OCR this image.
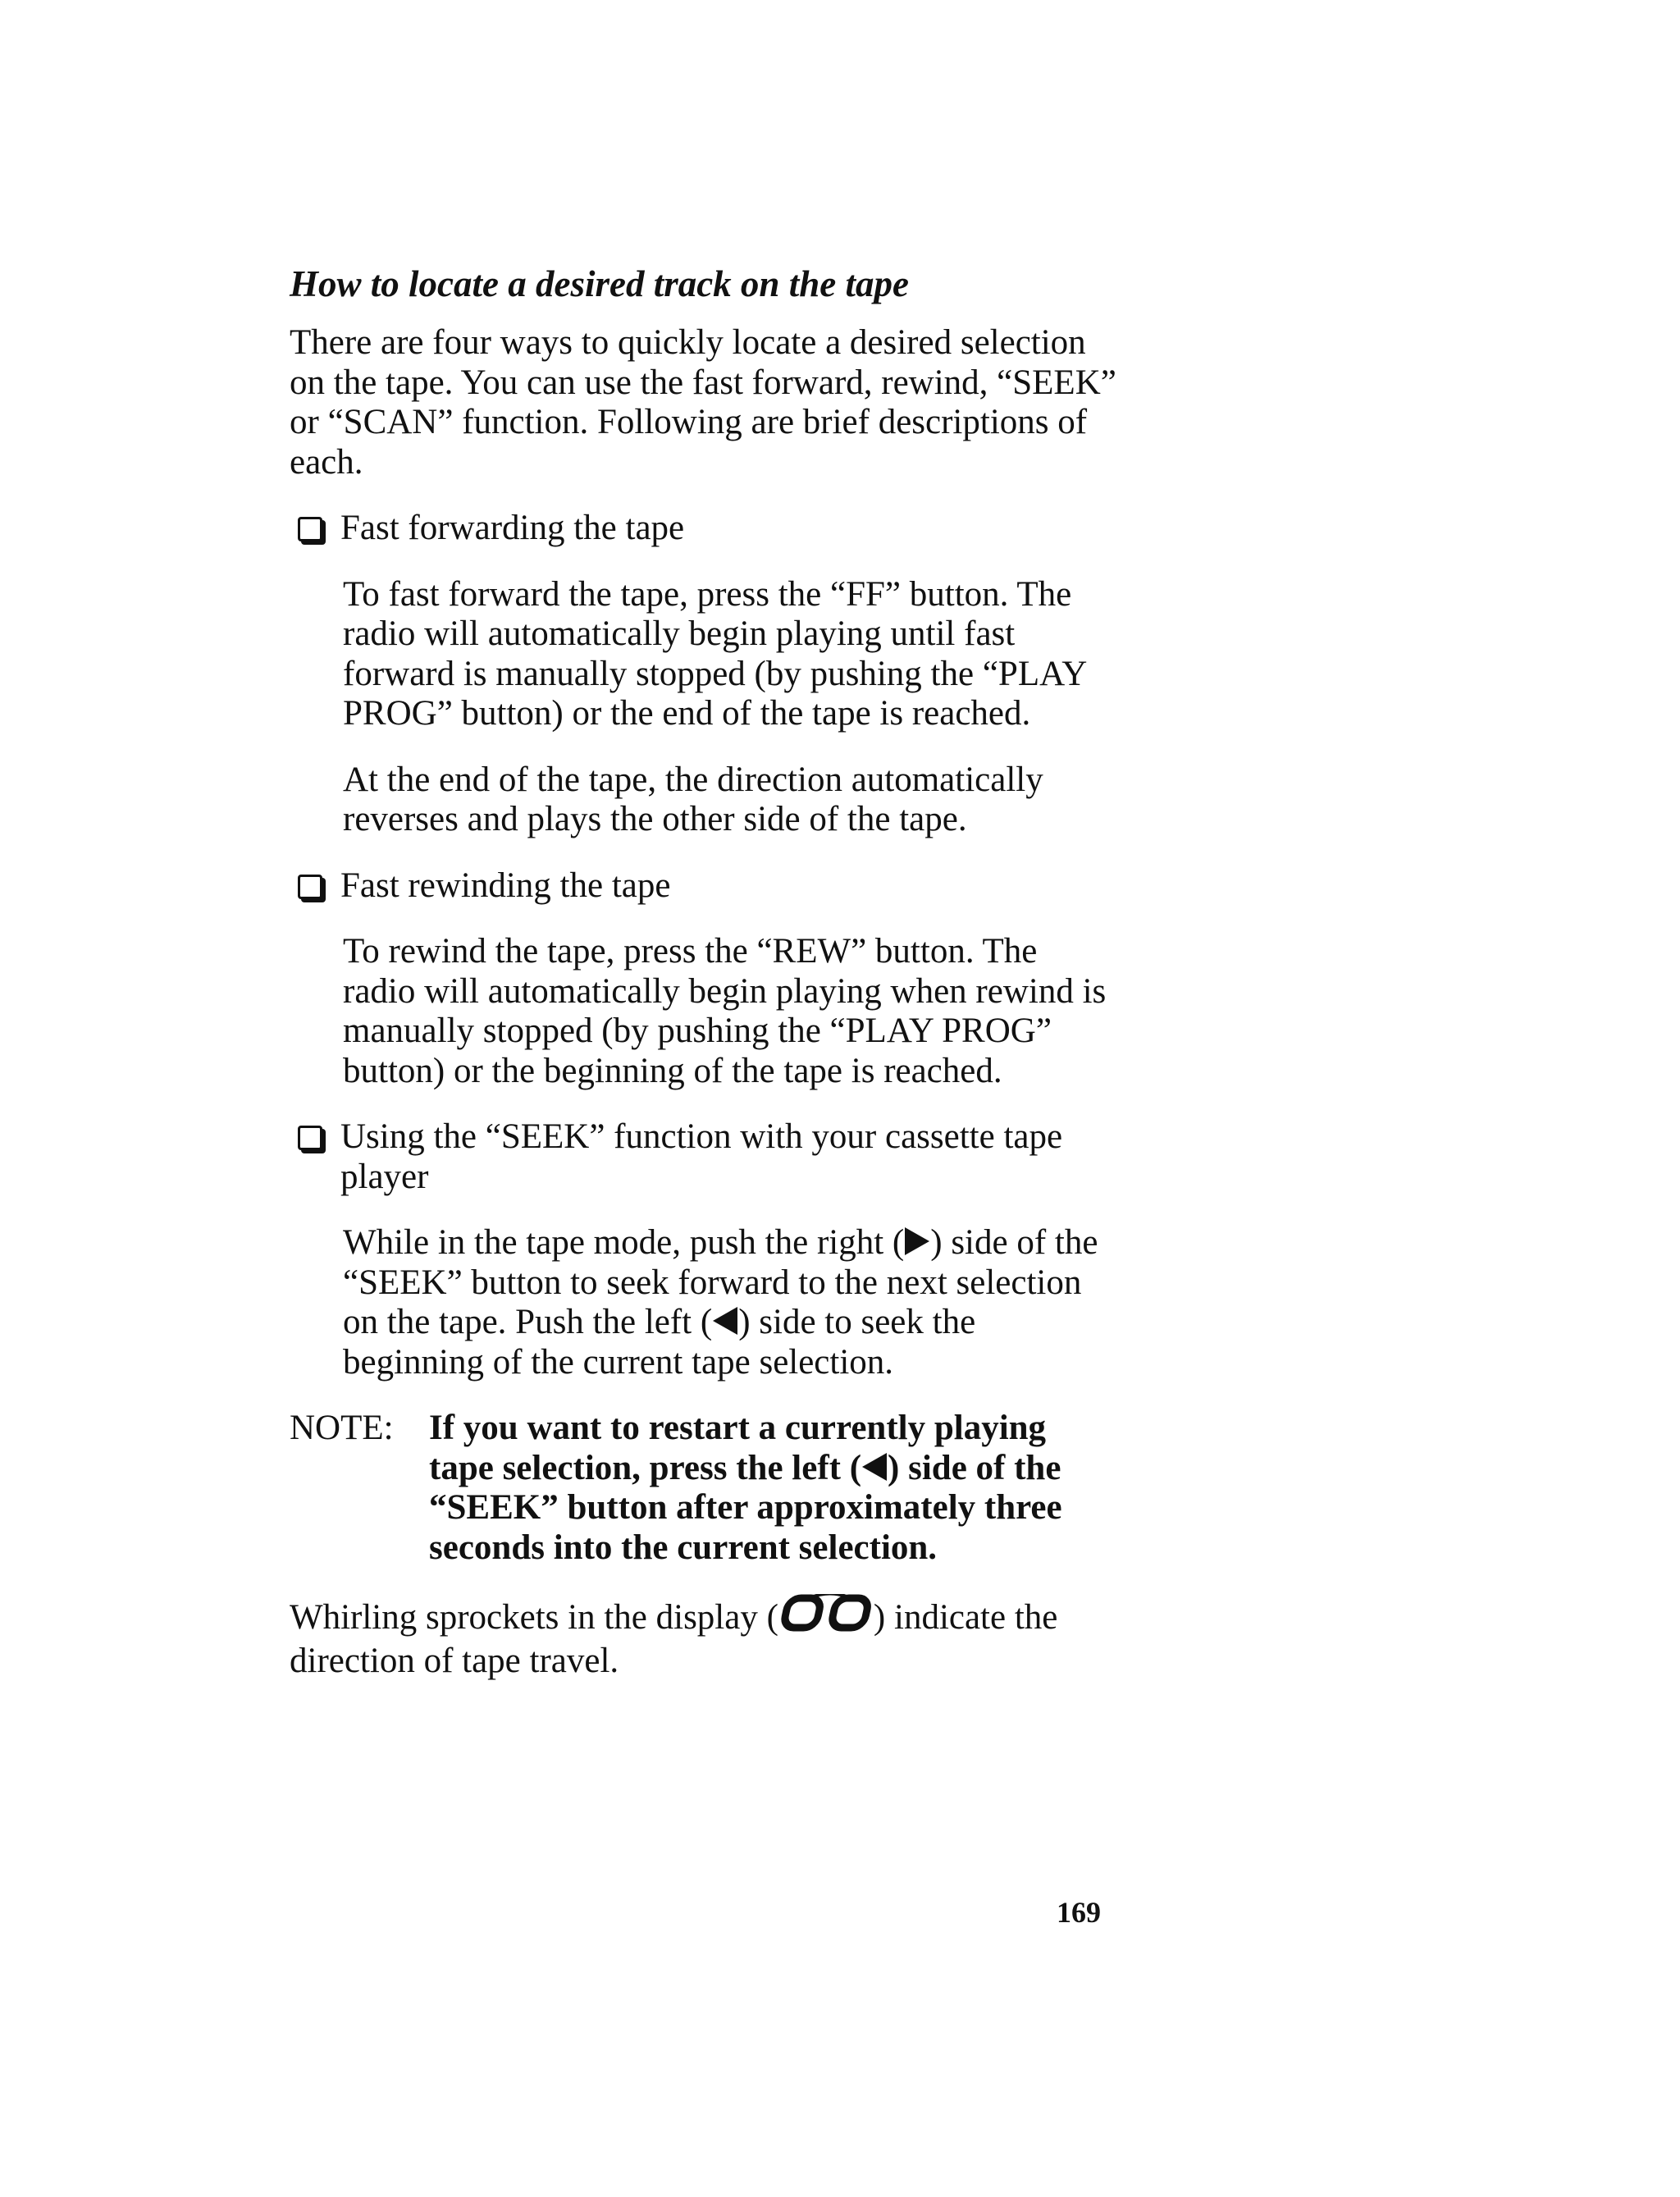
How to locate a desired track on the tape
There are four ways to quickly locate a desired selection on the tape. You can use the fast forward, rewind, “SEEK” or “SCAN” function. Following are brief descriptions of each.
Fast forwarding the tape
To fast forward the tape, press the “FF” button. The radio will automatically begin playing until fast forward is manually stopped (by pushing the “PLAY PROG” button) or the end of the tape is reached.
At the end of the tape, the direction automatically reverses and plays the other side of the tape.
Fast rewinding the tape
To rewind the tape, press the “REW” button. The radio will automatically begin playing when rewind is manually stopped (by pushing the “PLAY PROG” button) or the beginning of the tape is reached.
Using the “SEEK” function with your cassette tape player
While in the tape mode, push the right ( ) side of the “SEEK” button to seek forward to the next selection on the tape. Push the left ( ) side to seek the beginning of the current tape selection.
NOTE:	If you want to restart a currently playing tape selection, press the left ( ) side of the “SEEK” button after approximately three seconds into the current selection.
Whirling sprockets in the display (	) indicate the direction of tape travel.
169
